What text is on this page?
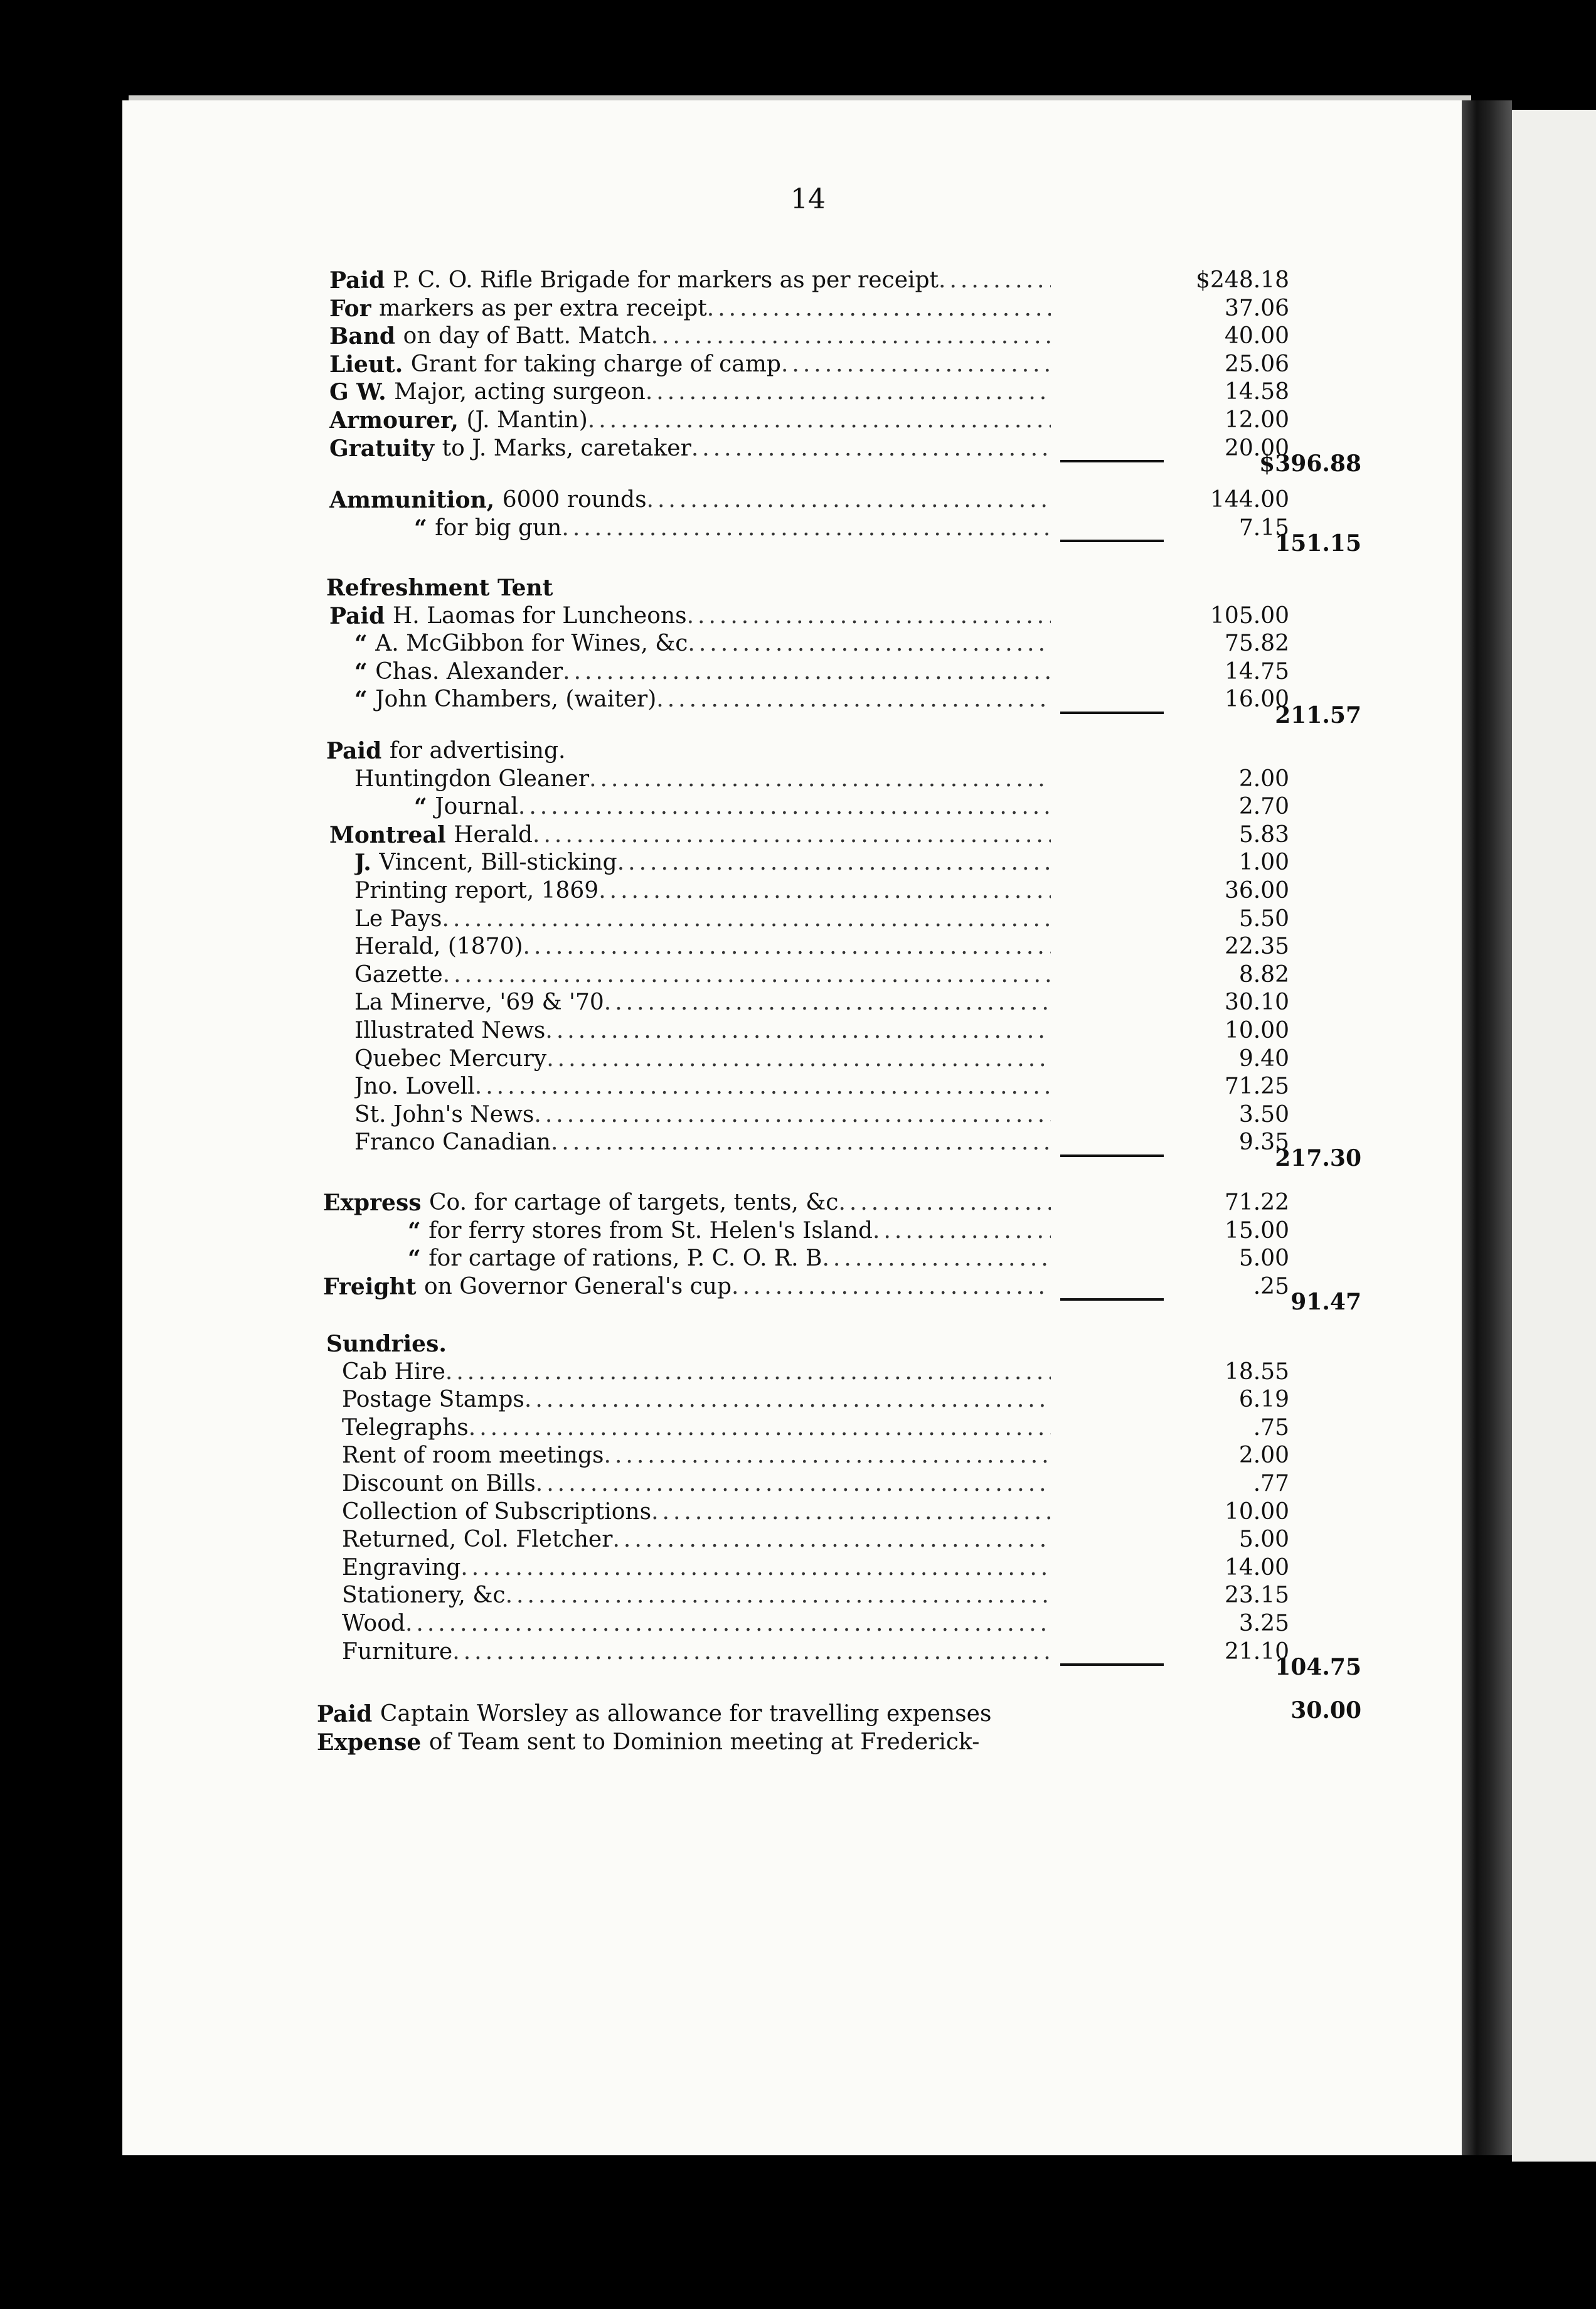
14
Paid P. C. O. Rifle Brigade for markers as per receipt .....	$248.18
For markers as per extra receipt .....	37.06
Band on day of Batt. Match .....	40.00
Lieut. Grant for taking charge of camp .....	25.06
G W. Major, acting surgeon .....	14.58
Armourer, (J. Mantin) .....	12.00
Gratuity to J. Marks, caretaker .....	20.00
$396.88
Ammunition, 6000 rounds .....	144.00
“ for big gun .....	7.15
151.15
Refreshment Tent
Paid H. Laomas for Luncheons .....	105.00
“ A. McGibbon for Wines, &c .....	75.82
“ Chas. Alexander .....	14.75
“ John Chambers, (waiter) .....	16.00
211.57
Paid for advertising.
Huntingdon Gleaner .....	2.00
“ Journal .....	2.70
Montreal Herald .....	5.83
J. Vincent, Bill-sticking .....	1.00
Printing report, 1869 .....	36.00
Le Pays .....	5.50
Herald, (1870) .....	22.35
Gazette .....	8.82
La Minerve, '69 & '70 .....	30.10
Illustrated News .....	10.00
Quebec Mercury .....	9.40
Jno. Lovell .....	71.25
St. John's News .....	3.50
Franco Canadian .....	9.35
217.30
Express Co. for cartage of targets, tents, &c .....	71.22
“ for ferry stores from St. Helen's Island .....	15.00
“ for cartage of rations, P. C. O. R. B .....	5.00
Freight on Governor General's cup .....	.25
91.47
Sundries.
Cab Hire .....	18.55
Postage Stamps .....	6.19
Telegraphs .....	.75
Rent of room meetings .....	2.00
Discount on Bills .....	.77
Collection of Subscriptions .....	10.00
Returned, Col. Fletcher .....	5.00
Engraving .....	14.00
Stationery, &c .....	23.15
Wood .....	3.25
Furniture .....	21.10
104.75
Paid Captain Worsley as allowance for travelling expenses	30.00
Expense of Team sent to Dominion meeting at Frederick-
